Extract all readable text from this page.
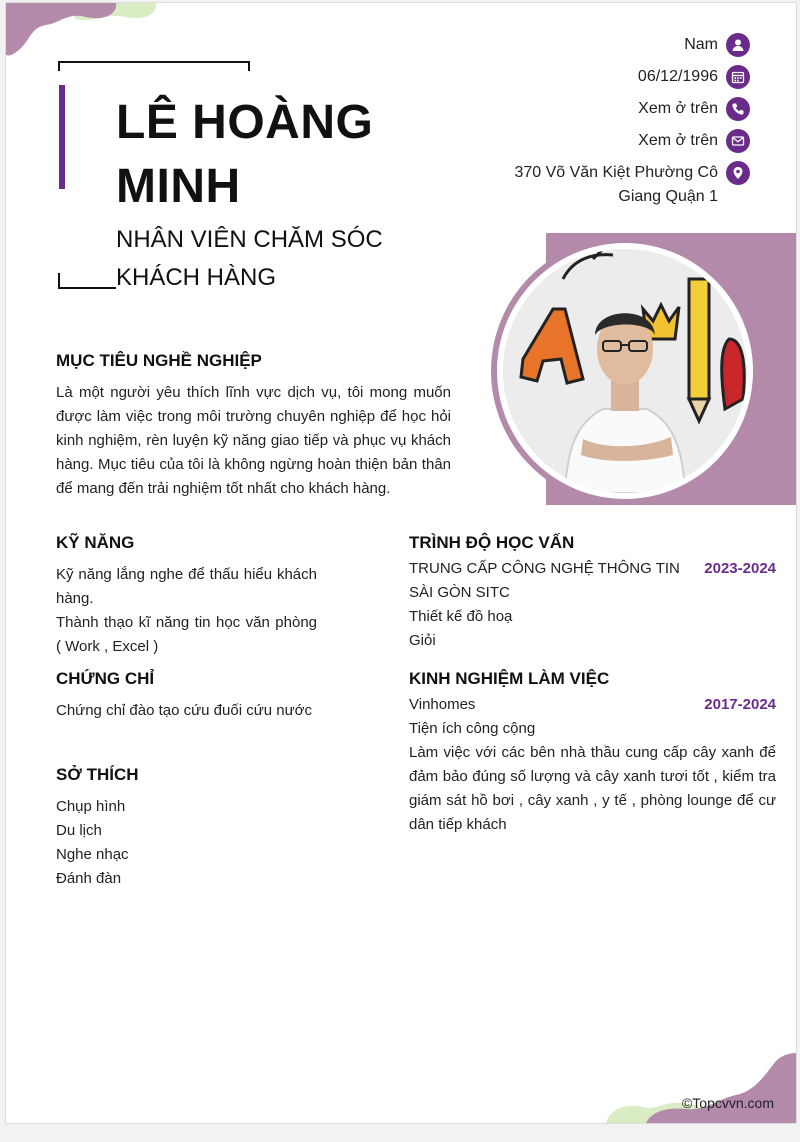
LÊ HOÀNG MINH
NHÂN VIÊN CHĂM SÓC KHÁCH HÀNG
Nam
06/12/1996
Xem ở trên
Xem ở trên
370 Võ Văn Kiệt Phường Cô Giang Quận 1
MỤC TIÊU NGHỀ NGHIỆP
Là một người yêu thích lĩnh vực dịch vụ, tôi mong muốn được làm việc trong môi trường chuyên nghiệp để học hỏi kinh nghiệm, rèn luyện kỹ năng giao tiếp và phục vụ khách hàng. Mục tiêu của tôi là không ngừng hoàn thiện bản thân để mang đến trải nghiệm tốt nhất cho khách hàng.
KỸ NĂNG
Kỹ năng lắng nghe để thấu hiểu khách hàng.
Thành thạo kĩ năng tin học văn phòng ( Work , Excel )
CHỨNG CHỈ
Chứng chỉ đào tạo cứu đuối cứu nước
SỞ THÍCH
Chụp hình
Du lịch
Nghe nhạc
Đánh đàn
TRÌNH ĐỘ HỌC VẤN
TRUNG CẤP CÔNG NGHỆ THÔNG TIN SÀI GÒN SITC
2023-2024
Thiết kế đồ hoạ
Giỏi
KINH NGHIỆM LÀM VIỆC
Vinhomes	2017-2024
Tiện ích công cộng
Làm việc với các bên nhà thầu cung cấp cây xanh để đảm bảo đúng số lượng và cây xanh tươi tốt , kiểm tra giám sát hồ bơi , cây xanh , y tế , phòng lounge để cư dân tiếp khách
©Topcvvn.com
